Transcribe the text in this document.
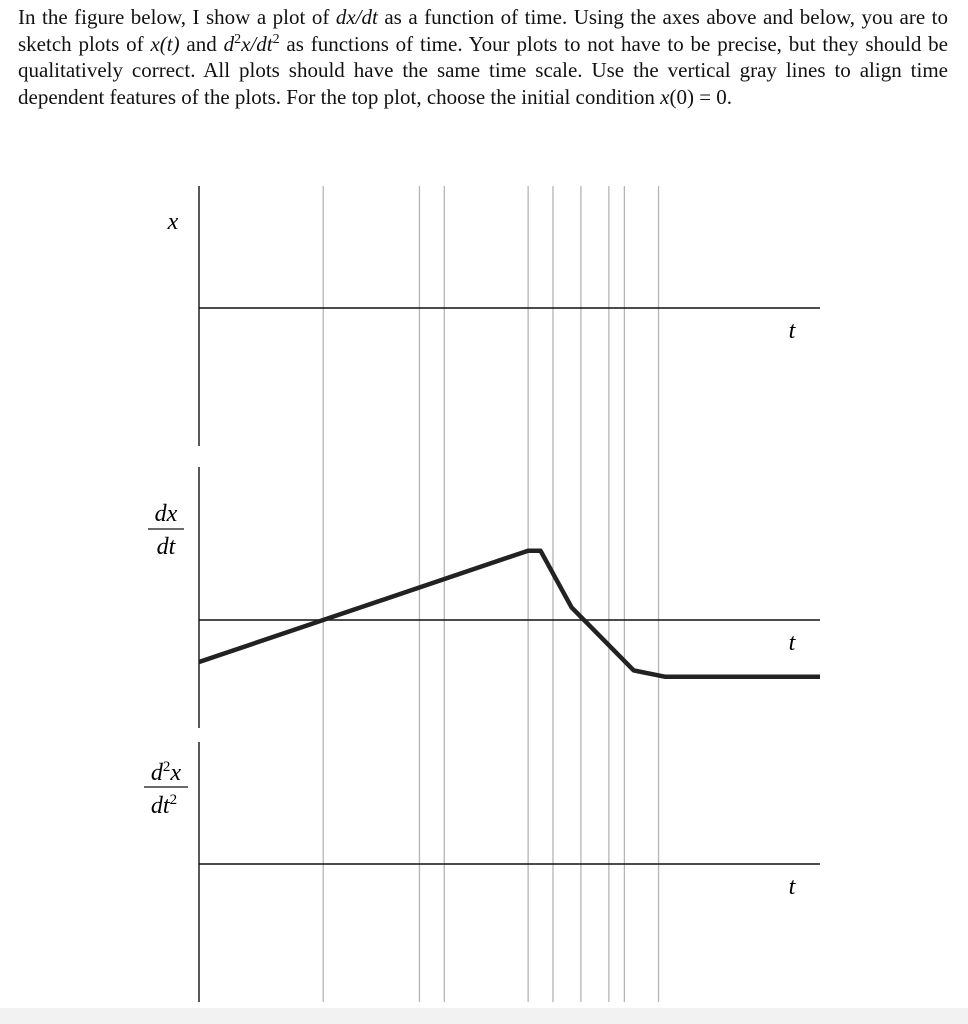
In the figure below, I show a plot of dx/dt as a function of time. Using the axes above and below, you are to sketch plots of x(t) and $d^2x/dt^2$ as functions of time. Your plots to not have to be precise, but they should be qualitatively correct. All plots should have the same time scale. Use the vertical gray lines to align time dependent features of the plots. For the top plot, choose the initial condition x(0) = 0.

x
t
dx
dt
t
$d^2x$
$dt^2$
t
